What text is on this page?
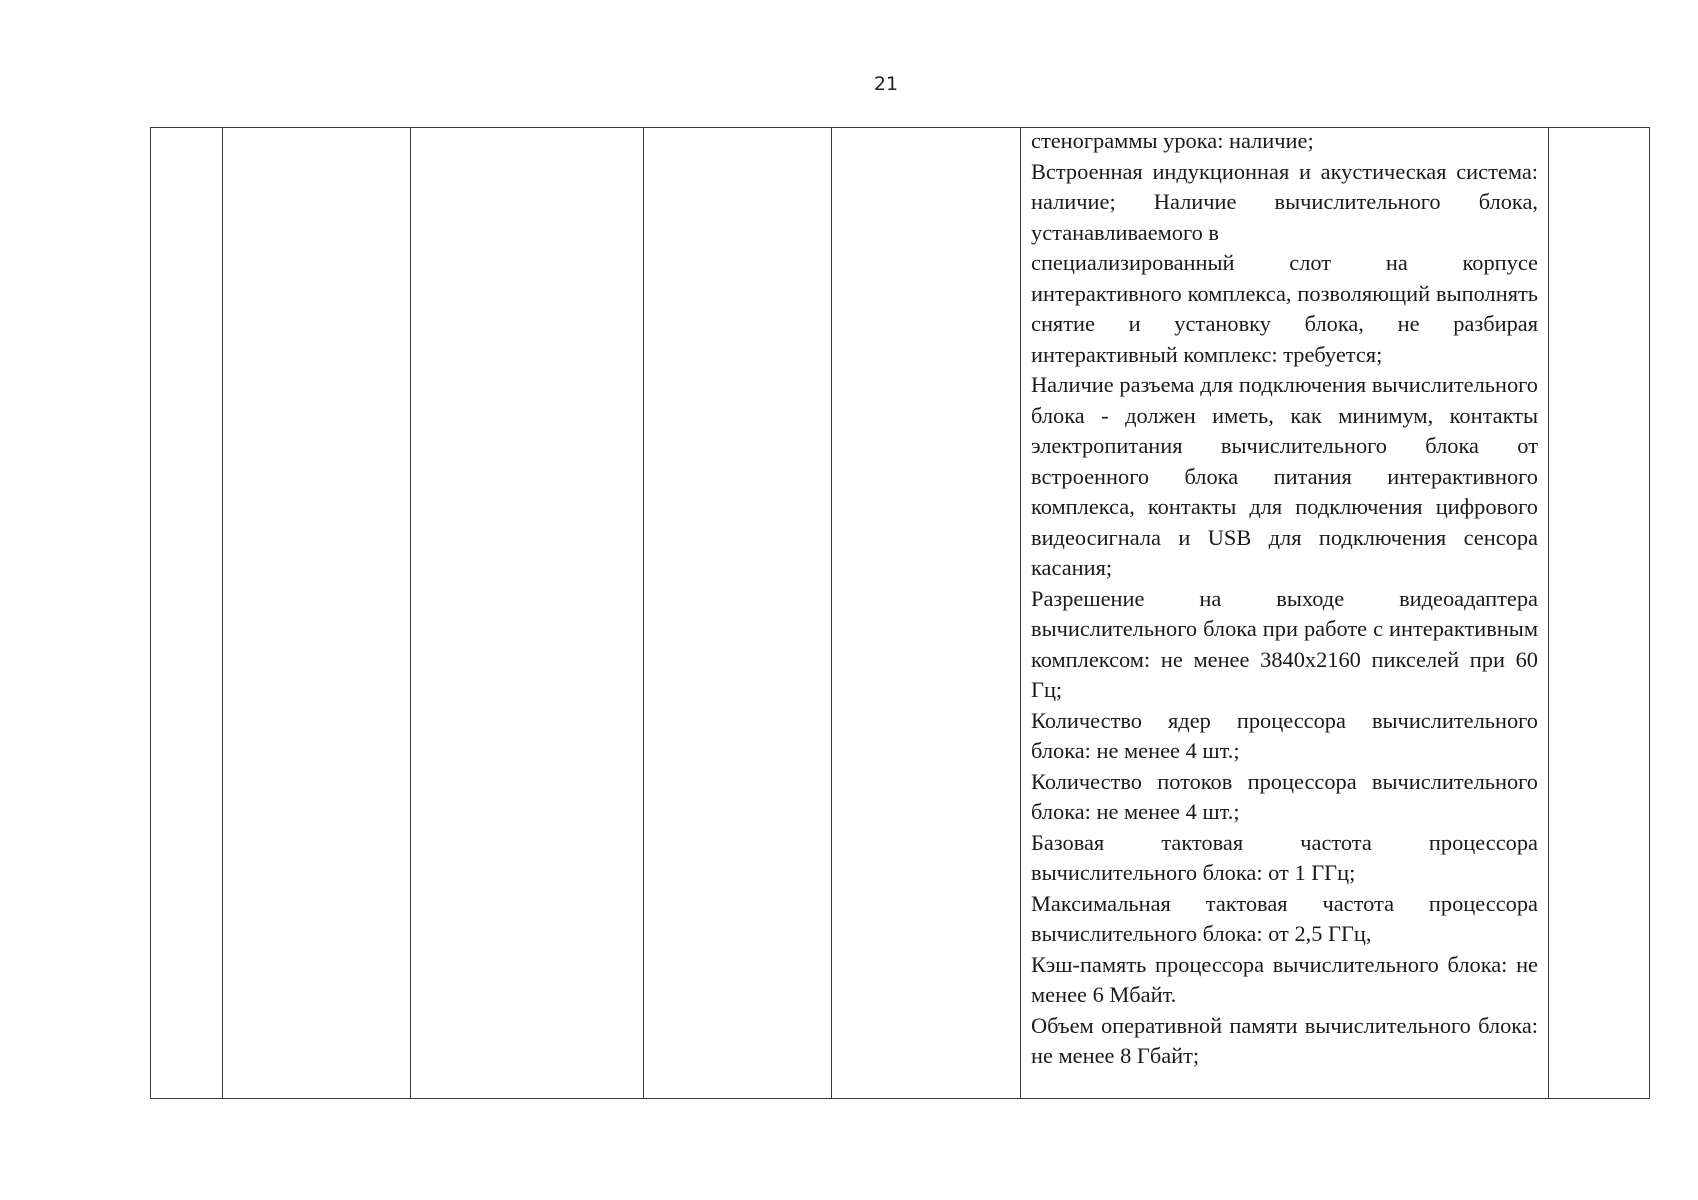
21

стенограммы урока: наличие;

Встроенная индукционная и акустическая система: наличие; Наличие вычислительного блока, устанавливаемого в

специализированный слот на корпусе интерактивного комплекса, позволяющий выполнять снятие и установку блока, не разбирая интерактивный комплекс: требуется;

Наличие разъема для подключения вычислительного блока - должен иметь, как минимум, контакты электропитания вычислительного блока от встроенного блока питания интерактивного комплекса, контакты для подключения цифрового видеосигнала и USB для подключения сенсора касания;

Разрешение на выходе видеоадаптера вычислительного блока при работе с интерактивным комплексом: не менее 3840х2160 пикселей при 60 Гц;

Количество ядер процессора вычислительного блока: не менее 4 шт.;

Количество потоков процессора вычислительного блока: не менее 4 шт.;

Базовая тактовая частота процессора вычислительного блока: от 1 ГГц;

Максимальная тактовая частота процессора вычислительного блока: от 2,5 ГГц,

Кэш-память процессора вычислительного блока: не менее 6 Мбайт.

Объем оперативной памяти вычислительного блока: не менее 8 Гбайт;
